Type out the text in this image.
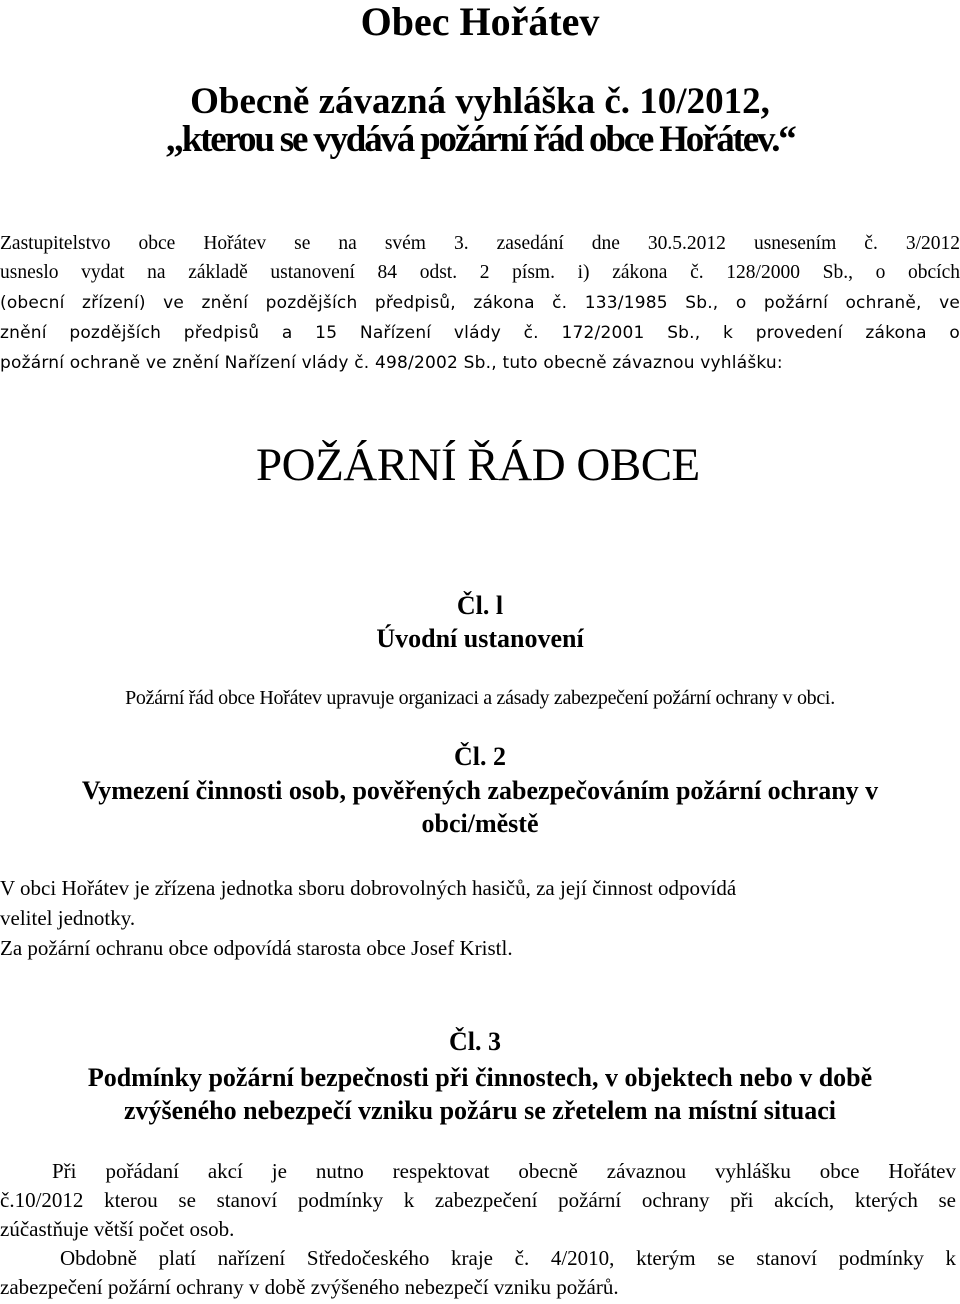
Obec Hořátev
Obecně závazná vyhláška č. 10/2012,
„kterou se vydává požární řád obce Hořátev.“
Zastupitelstvo obce Hořátev se na svém 3. zasedání dne 30.5.2012 usnesením č. 3/2012
usneslo vydat na základě ustanovení 84 odst. 2 písm. i) zákona č. 128/2000 Sb., o obcích
(obecní zřízení) ve znění pozdějších předpisů, zákona č. 133/1985 Sb., o požární ochraně, ve
znění pozdějších předpisů a 15 Nařízení vlády č. 172/2001 Sb., k provedení zákona o
požární ochraně ve znění Nařízení vlády č. 498/2002 Sb., tuto obecně závaznou vyhlášku:
POŽÁRNÍ ŘÁD OBCE
Čl. l
Úvodní ustanovení
Požární řád obce Hořátev upravuje organizaci a zásady zabezpečení požární ochrany v obci.
Čl. 2
Vymezení činnosti osob, pověřených zabezpečováním požární ochrany v
obci/městě
V obci Hořátev je zřízena jednotka sboru dobrovolných hasičů, za její činnost odpovídá
velitel jednotky.
Za požární ochranu obce odpovídá starosta obce Josef Kristl.
Čl. 3
Podmínky požární bezpečnosti při činnostech, v objektech nebo v době
zvýšeného nebezpečí vzniku požáru se zřetelem na místní situaci
Při pořádaní akcí je nutno respektovat obecně závaznou vyhlášku obce Hořátev
č.10/2012 kterou se stanoví podmínky k zabezpečení požární ochrany při akcích, kterých se
zúčastňuje větší počet osob.
Obdobně platí nařízení Středočeského kraje č. 4/2010, kterým se stanoví podmínky k
zabezpečení požární ochrany v době zvýšeného nebezpečí vzniku požárů.
